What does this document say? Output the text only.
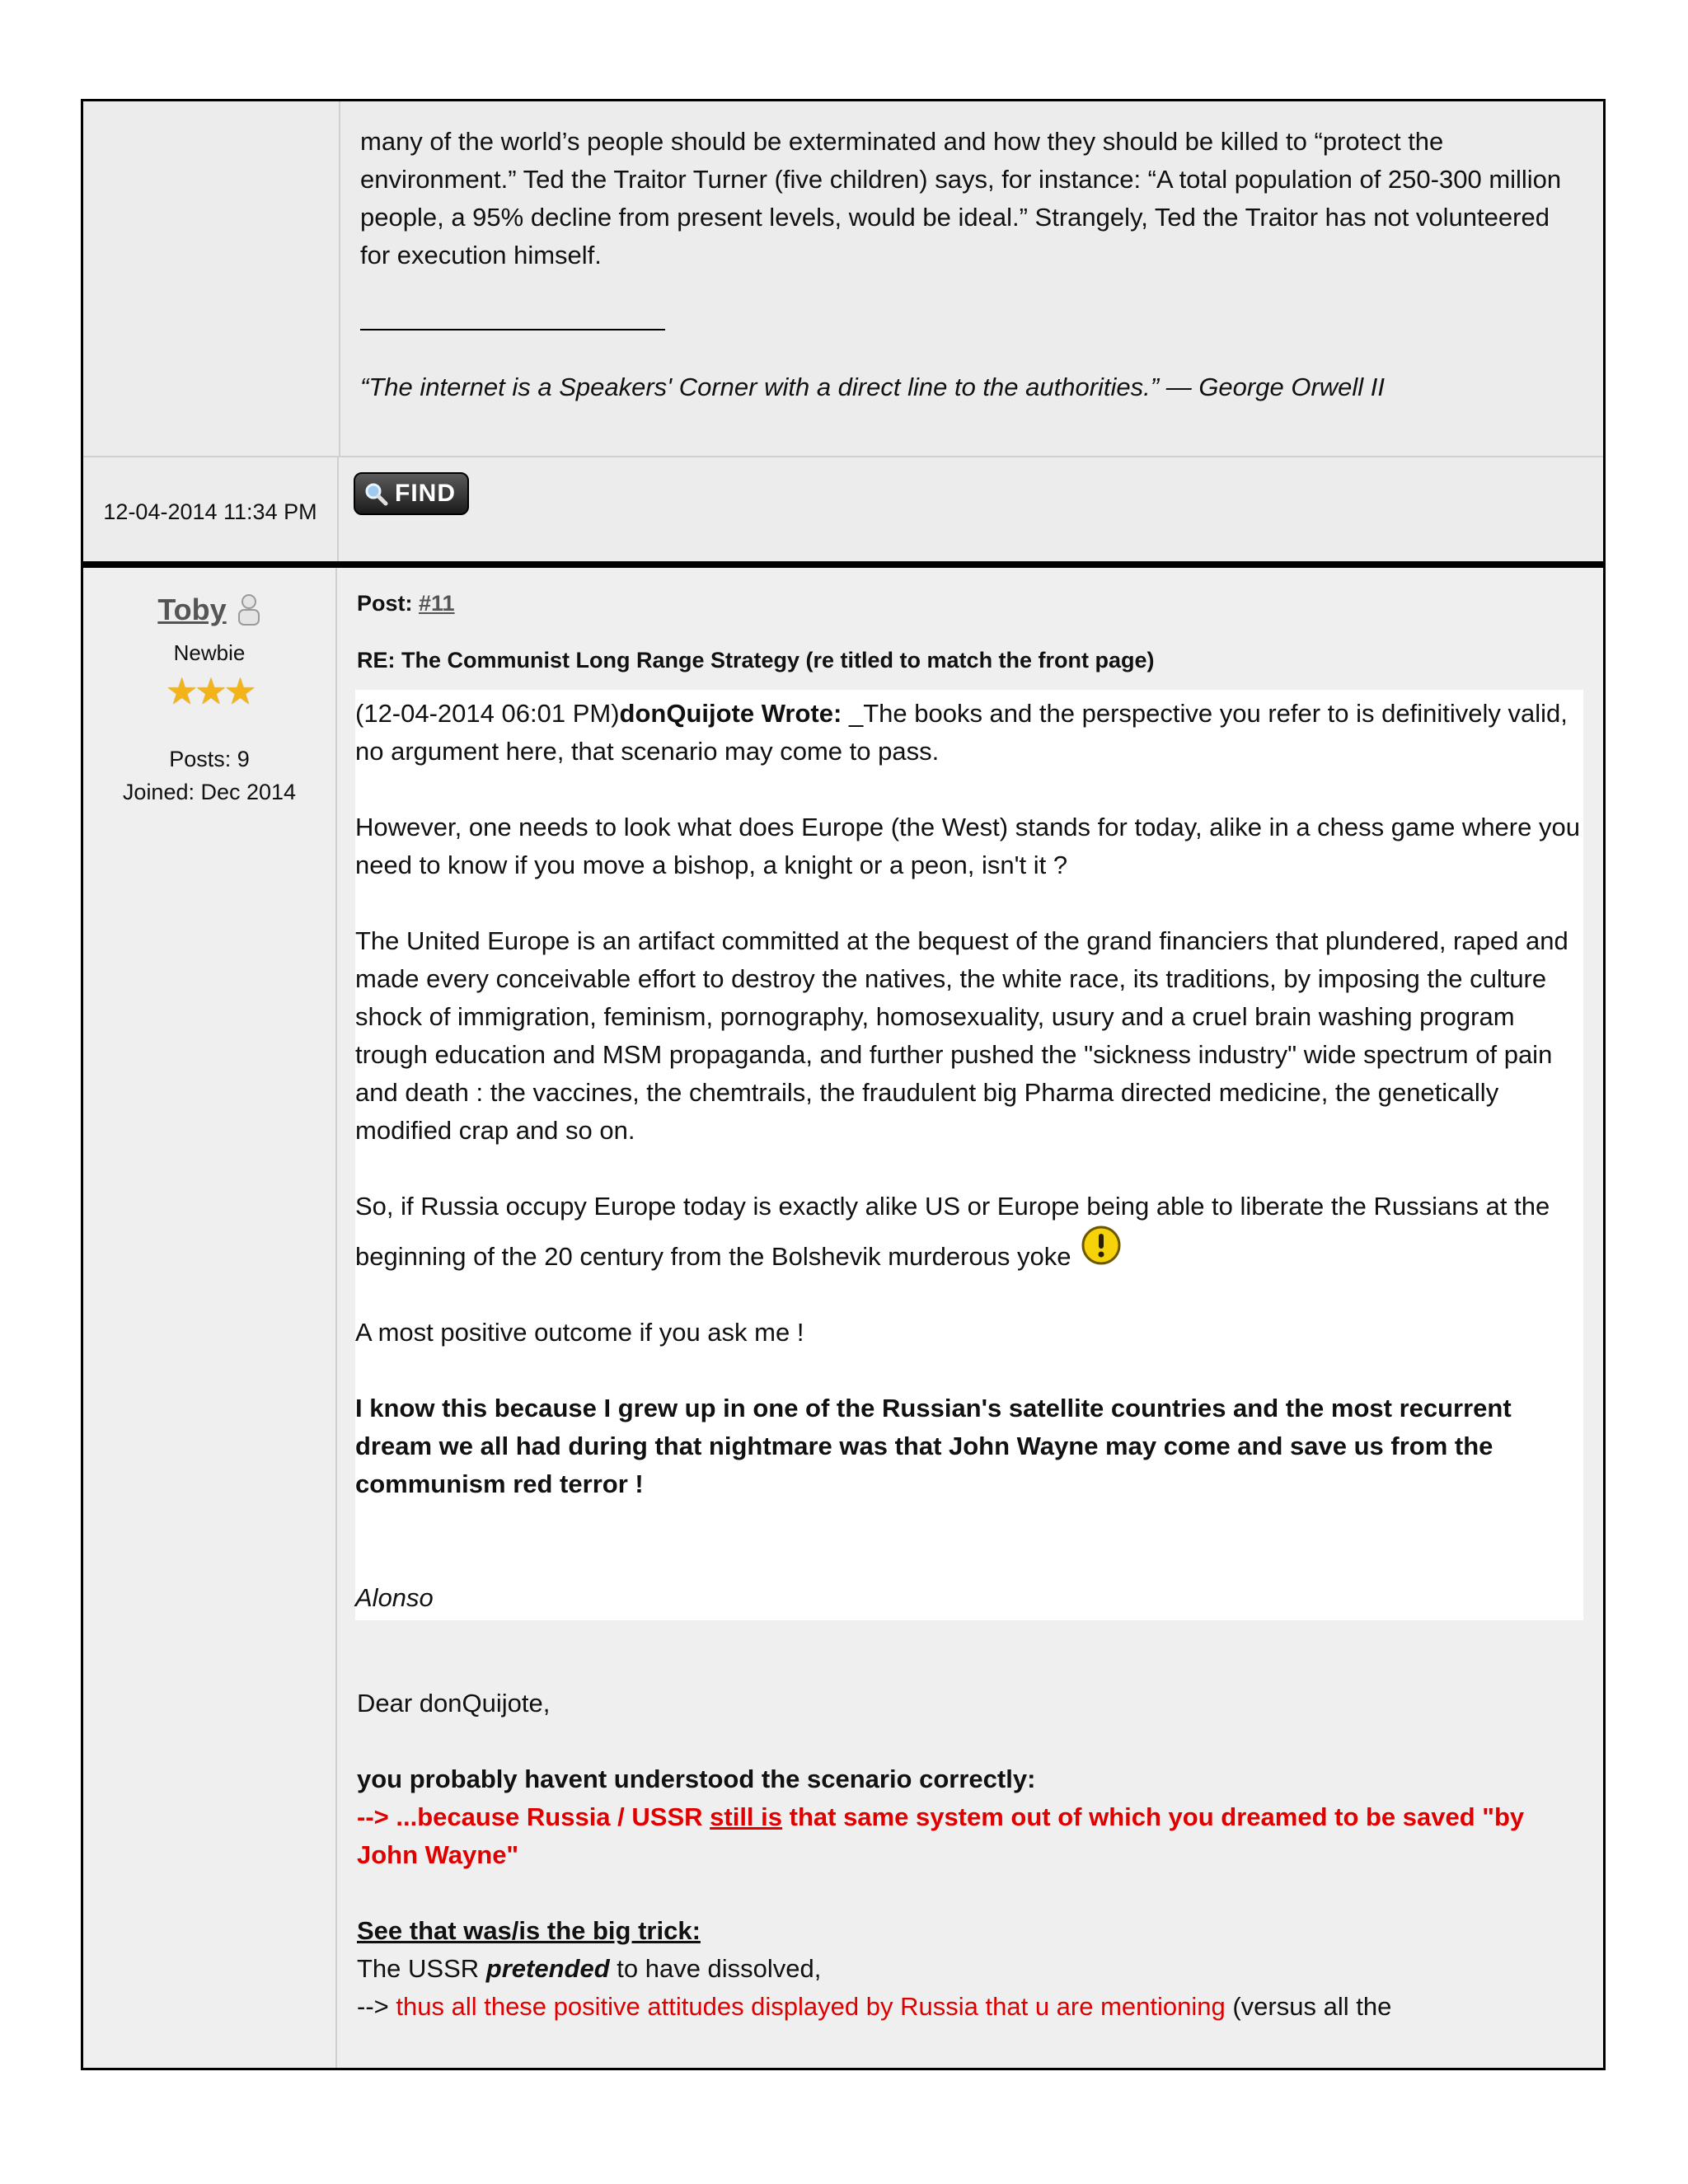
many of the world’s people should be exterminated and how they should be killed to “protect the environment.” Ted the Traitor Turner (five children) says, for instance: “A total population of 250-300 million people, a 95% decline from present levels, would be ideal.” Strangely, Ted the Traitor has not volunteered for execution himself.

“The internet is a Speakers' Corner with a direct line to the authorities.” — George Orwell II

12-04-2014 11:34 PM
FIND
Toby
Newbie
★★★
Posts: 9
Joined: Dec 2014
Post: #11
RE: The Communist Long Range Strategy (re titled to match the front page)

(12-04-2014 06:01 PM)donQuijote Wrote: _The books and the perspective you refer to is definitively valid, no argument here, that scenario may come to pass.

However, one needs to look what does Europe (the West) stands for today, alike in a chess game where you need to know if you move a bishop, a knight or a peon, isn't it ?

The United Europe is an artifact committed at the bequest of the grand financiers that plundered, raped and made every conceivable effort to destroy the natives, the white race, its traditions, by imposing the culture shock of immigration, feminism, pornography, homosexuality, usury and a cruel brain washing program trough education and MSM propaganda, and further pushed the "sickness industry" wide spectrum of pain and death : the vaccines, the chemtrails, the fraudulent big Pharma directed medicine, the genetically modified crap and so on.

So, if Russia occupy Europe today is exactly alike US or Europe being able to liberate the Russians at the beginning of the 20 century from the Bolshevik murderous yoke

A most positive outcome if you ask me !

I know this because I grew up in one of the Russian's satellite countries and the most recurrent dream we all had during that nightmare was that John Wayne may come and save us from the communism red terror !

Alonso

Dear donQuijote,

you probably havent understood the scenario correctly:
--> ...because Russia / USSR still is that same system out of which you dreamed to be saved "by John Wayne"

See that was/is the big trick:
The USSR pretended to have dissolved,
--> thus all these positive attitudes displayed by Russia that u are mentioning (versus all the
